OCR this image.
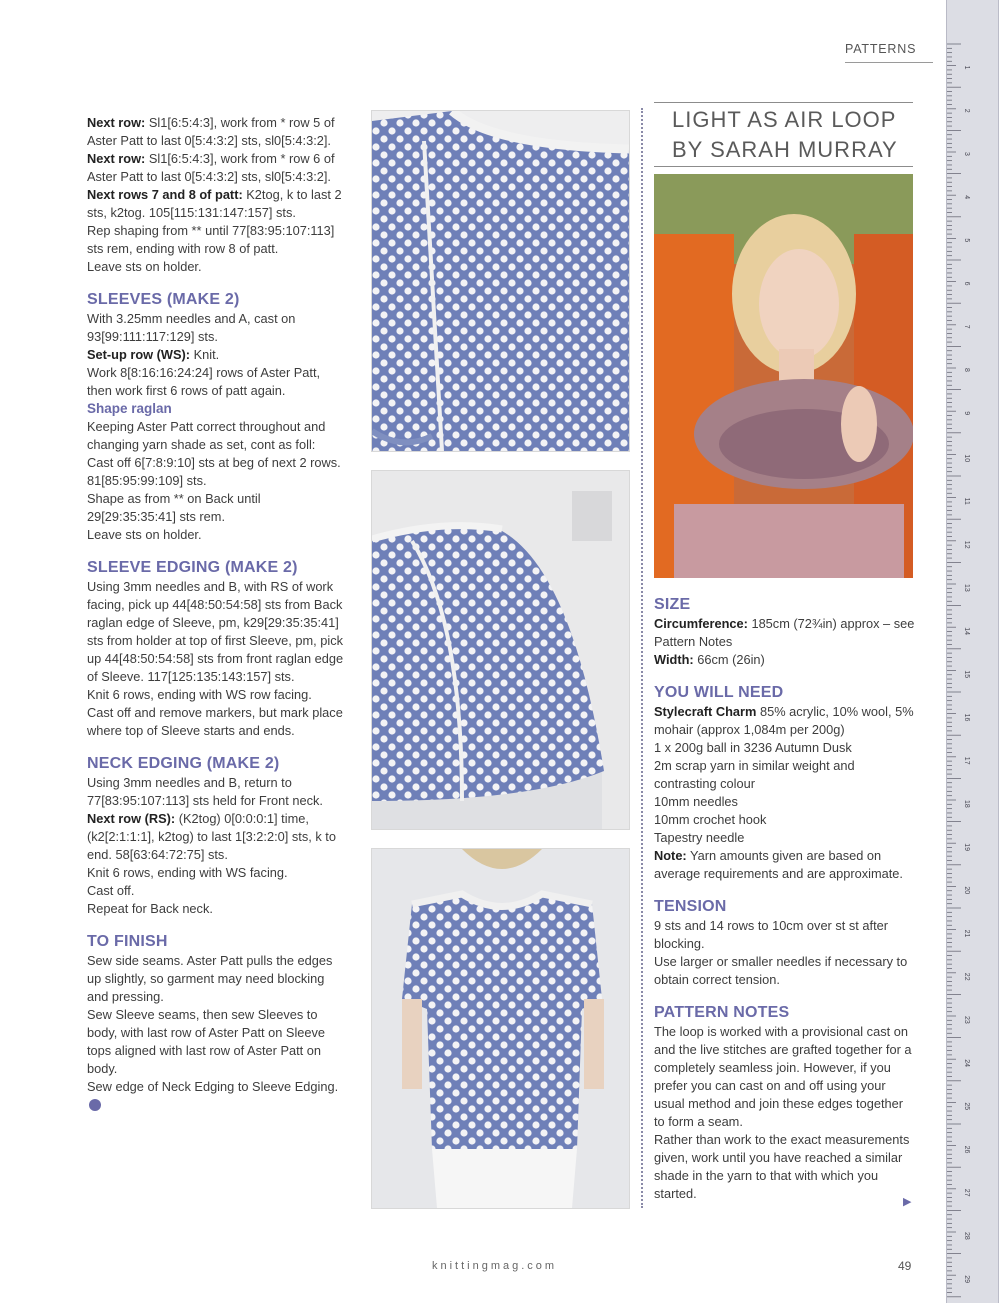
PATTERNS

Next row: Sl1[6:5:4:3], work from * row 5 of Aster Patt to last 0[5:4:3:2] sts, sl0[5:4:3:2].

Next row: Sl1[6:5:4:3], work from * row 6 of Aster Patt to last 0[5:4:3:2] sts, sl0[5:4:3:2].

Next rows 7 and 8 of patt: K2tog, k to last 2 sts, k2tog. 105[115:131:147:157] sts.

Rep shaping from ** until 77[83:95:107:113] sts rem, ending with row 8 of patt.

Leave sts on holder.

SLEEVES (MAKE 2)

With 3.25mm needles and A, cast on 93[99:111:117:129] sts.

Set-up row (WS): Knit.

Work 8[8:16:16:24:24] rows of Aster Patt, then work first 6 rows of patt again.

Shape raglan

Keeping Aster Patt correct throughout and changing yarn shade as set, cont as foll:

Cast off 6[7:8:9:10] sts at beg of next 2 rows. 81[85:95:99:109] sts.

Shape as from ** on Back until 29[29:35:35:41] sts rem.

Leave sts on holder.

SLEEVE EDGING (MAKE 2)

Using 3mm needles and B, with RS of work facing, pick up 44[48:50:54:58] sts from Back raglan edge of Sleeve, pm, k29[29:35:35:41] sts from holder at top of first Sleeve, pm, pick up 44[48:50:54:58] sts from front raglan edge of Sleeve. 117[125:135:143:157] sts.

Knit 6 rows, ending with WS row facing.

Cast off and remove markers, but mark place where top of Sleeve starts and ends.

NECK EDGING (MAKE 2)

Using 3mm needles and B, return to 77[83:95:107:113] sts held for Front neck.

Next row (RS): (K2tog) 0[0:0:0:1] time, (k2[2:1:1:1], k2tog) to last 1[3:2:2:0] sts, k to end. 58[63:64:72:75] sts.

Knit 6 rows, ending with WS facing.

Cast off.

Repeat for Back neck.

TO FINISH

Sew side seams. Aster Patt pulls the edges up slightly, so garment may need blocking and pressing.

Sew Sleeve seams, then sew Sleeves to body, with last row of Aster Patt on Sleeve tops aligned with last row of Aster Patt on body.

Sew edge of Neck Edging to Sleeve Edging.

LIGHT AS AIR LOOP
BY SARAH MURRAY
SIZE

Circumference: 185cm (72¾in) approx – see Pattern Notes

Width: 66cm (26in)

YOU WILL NEED

Stylecraft Charm 85% acrylic, 10% wool, 5% mohair (approx 1,084m per 200g)

1 x 200g ball in 3236 Autumn Dusk

2m scrap yarn in similar weight and contrasting colour

10mm needles

10mm crochet hook

Tapestry needle

Note: Yarn amounts given are based on average requirements and are approximate.

TENSION

9 sts and 14 rows to 10cm over st st after blocking.

Use larger or smaller needles if necessary to obtain correct tension.

PATTERN NOTES

The loop is worked with a provisional cast on and the live stitches are grafted together for a completely seamless join. However, if you prefer you can cast on and off using your usual method and join these edges together to form a seam.

Rather than work to the exact measurements given, work until you have reached a similar shade in the yarn to that with which you started.

▶
knittingmag.com	49
1
2
3
4
5
6
7
8
9
10
11
12
13
14
15
16
17
18
19
20
21
22
23
24
25
26
27
28
29
